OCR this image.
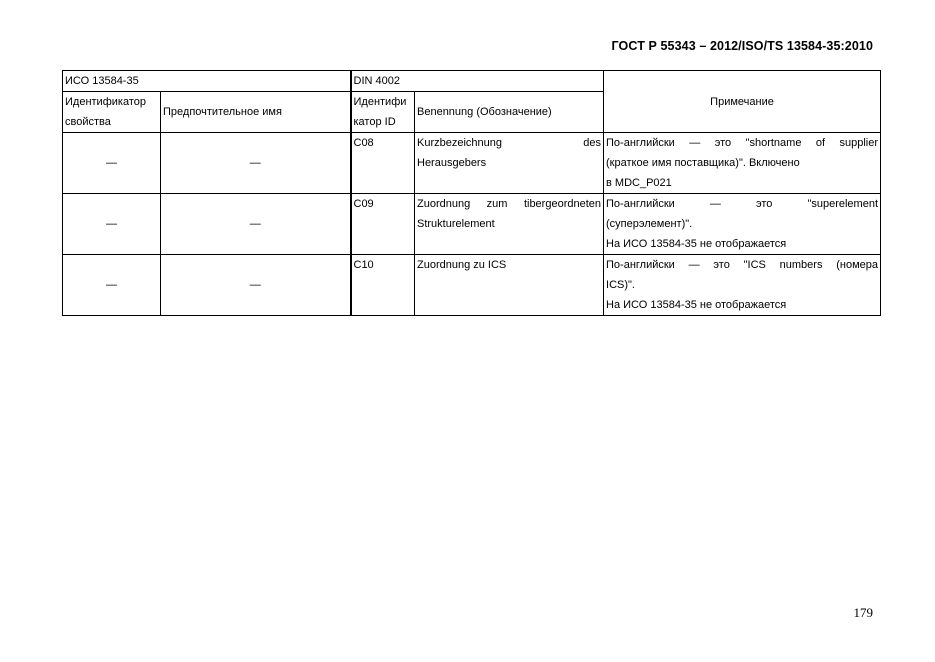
ГОСТ Р 55343 – 2012/ISO/TS 13584-35:2010
ИСО 13584-35		DIN 4002		Примечание

Идентификатор
свойства	Предпочтительное имя	Идентифи
катор ID	Benennung (Обозначение)	
—	—	C08	Kurzbezeichnung des
Herausgebers	По-английски — это "shortname of supplier
(краткое имя поставщика)". Включено
в MDC_P021

—	—	C09	Zuordnung zum tibergeordneten
Strukturelement	По-английски — это "superelement
(суперэлемент)".
На ИСО 13584-35 не отображается

—	—	C10	Zuordnung zu ICS	По-английски — это "ICS numbers (номера
ICS)".
На ИСО 13584-35 не отображается
179
